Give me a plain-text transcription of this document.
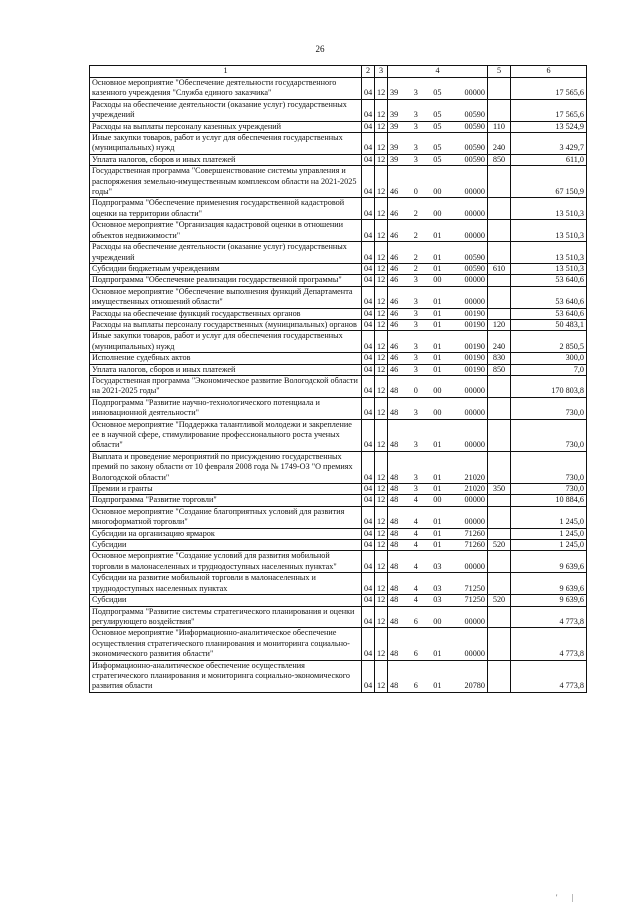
26
1	2	3	4	5	6
Основное мероприятие "Обеспечение деятельности государственного казенного учреждения "Служба единого заказчика"	04	12	39 3 05 00000		17 565,6
Расходы на обеспечение деятельности (оказание услуг) государственных учреждений	04	12	39 3 05 00590		17 565,6
Расходы на выплаты персоналу казенных учреждений	04	12	39 3 05 00590	110	13 524,9
Иные закупки товаров, работ и услуг для обеспечения государственных (муниципальных) нужд	04	12	39 3 05 00590	240	3 429,7
Уплата налогов, сборов и иных платежей	04	12	39 3 05 00590	850	611,0
Государственная программа "Совершенствование системы управления и распоряжения земельно-имущественным комплексом области на 2021-2025 годы"	04	12	46 0 00 00000		67 150,9
Подпрограмма "Обеспечение применения государственной кадастровой оценки на территории области"	04	12	46 2 00 00000		13 510,3
Основное мероприятие "Организация кадастровой оценки в отношении объектов недвижимости"	04	12	46 2 01 00000		13 510,3
Расходы на обеспечение деятельности (оказание услуг) государственных учреждений	04	12	46 2 01 00590		13 510,3
Субсидии бюджетным учреждениям	04	12	46 2 01 00590	610	13 510,3
Подпрограмма "Обеспечение реализации государственной программы"	04	12	46 3 00 00000		53 640,6
Основное мероприятие "Обеспечение выполнения функций Департамента имущественных отношений области"	04	12	46 3 01 00000		53 640,6
Расходы на обеспечение функций государственных органов	04	12	46 3 01 00190		53 640,6
Расходы на выплаты персоналу государственных (муниципальных) органов	04	12	46 3 01 00190	120	50 483,1
Иные закупки товаров, работ и услуг для обеспечения государственных (муниципальных) нужд	04	12	46 3 01 00190	240	2 850,5
Исполнение судебных актов	04	12	46 3 01 00190	830	300,0
Уплата налогов, сборов и иных платежей	04	12	46 3 01 00190	850	7,0
Государственная программа "Экономическое развитие Вологодской области на 2021-2025 годы"	04	12	48 0 00 00000		170 803,8
Подпрограмма "Развитие научно-технологического потенциала и инновационной деятельности"	04	12	48 3 00 00000		730,0
Основное мероприятие "Поддержка талантливой молодежи и закрепление ее в научной сфере, стимулирование профессионального роста ученых области"	04	12	48 3 01 00000		730,0
Выплата и проведение мероприятий по присуждению государственных премий по закону области от 10 февраля 2008 года № 1749-ОЗ "О премиях Вологодской области"	04	12	48 3 01 21020		730,0
Премии и гранты	04	12	48 3 01 21020	350	730,0
Подпрограмма "Развитие торговли"	04	12	48 4 00 00000		10 884,6
Основное мероприятие "Создание благоприятных условий для развития многоформатной торговли"	04	12	48 4 01 00000		1 245,0
Субсидии на организацию ярмарок	04	12	48 4 01 71260		1 245,0
Субсидии	04	12	48 4 01 71260	520	1 245,0
Основное мероприятие "Создание условий для развития мобильной торговли в малонаселенных и труднодоступных населенных пунктах"	04	12	48 4 03 00000		9 639,6
Субсидии на развитие мобильной торговли в малонаселенных и труднодоступных населенных пунктах	04	12	48 4 03 71250		9 639,6
Субсидии	04	12	48 4 03 71250	520	9 639,6
Подпрограмма "Развитие системы стратегического планирования и оценки регулирующего воздействия"	04	12	48 6 00 00000		4 773,8
Основное мероприятие "Информационно-аналитическое обеспечение осуществления стратегического планирования и мониторинга социально-экономического развития области"	04	12	48 6 01 00000		4 773,8
Информационно-аналитическое обеспечение осуществления стратегического планирования и мониторинга социально-экономического развития области	04	12	48 6 01 20780		4 773,8
' |
